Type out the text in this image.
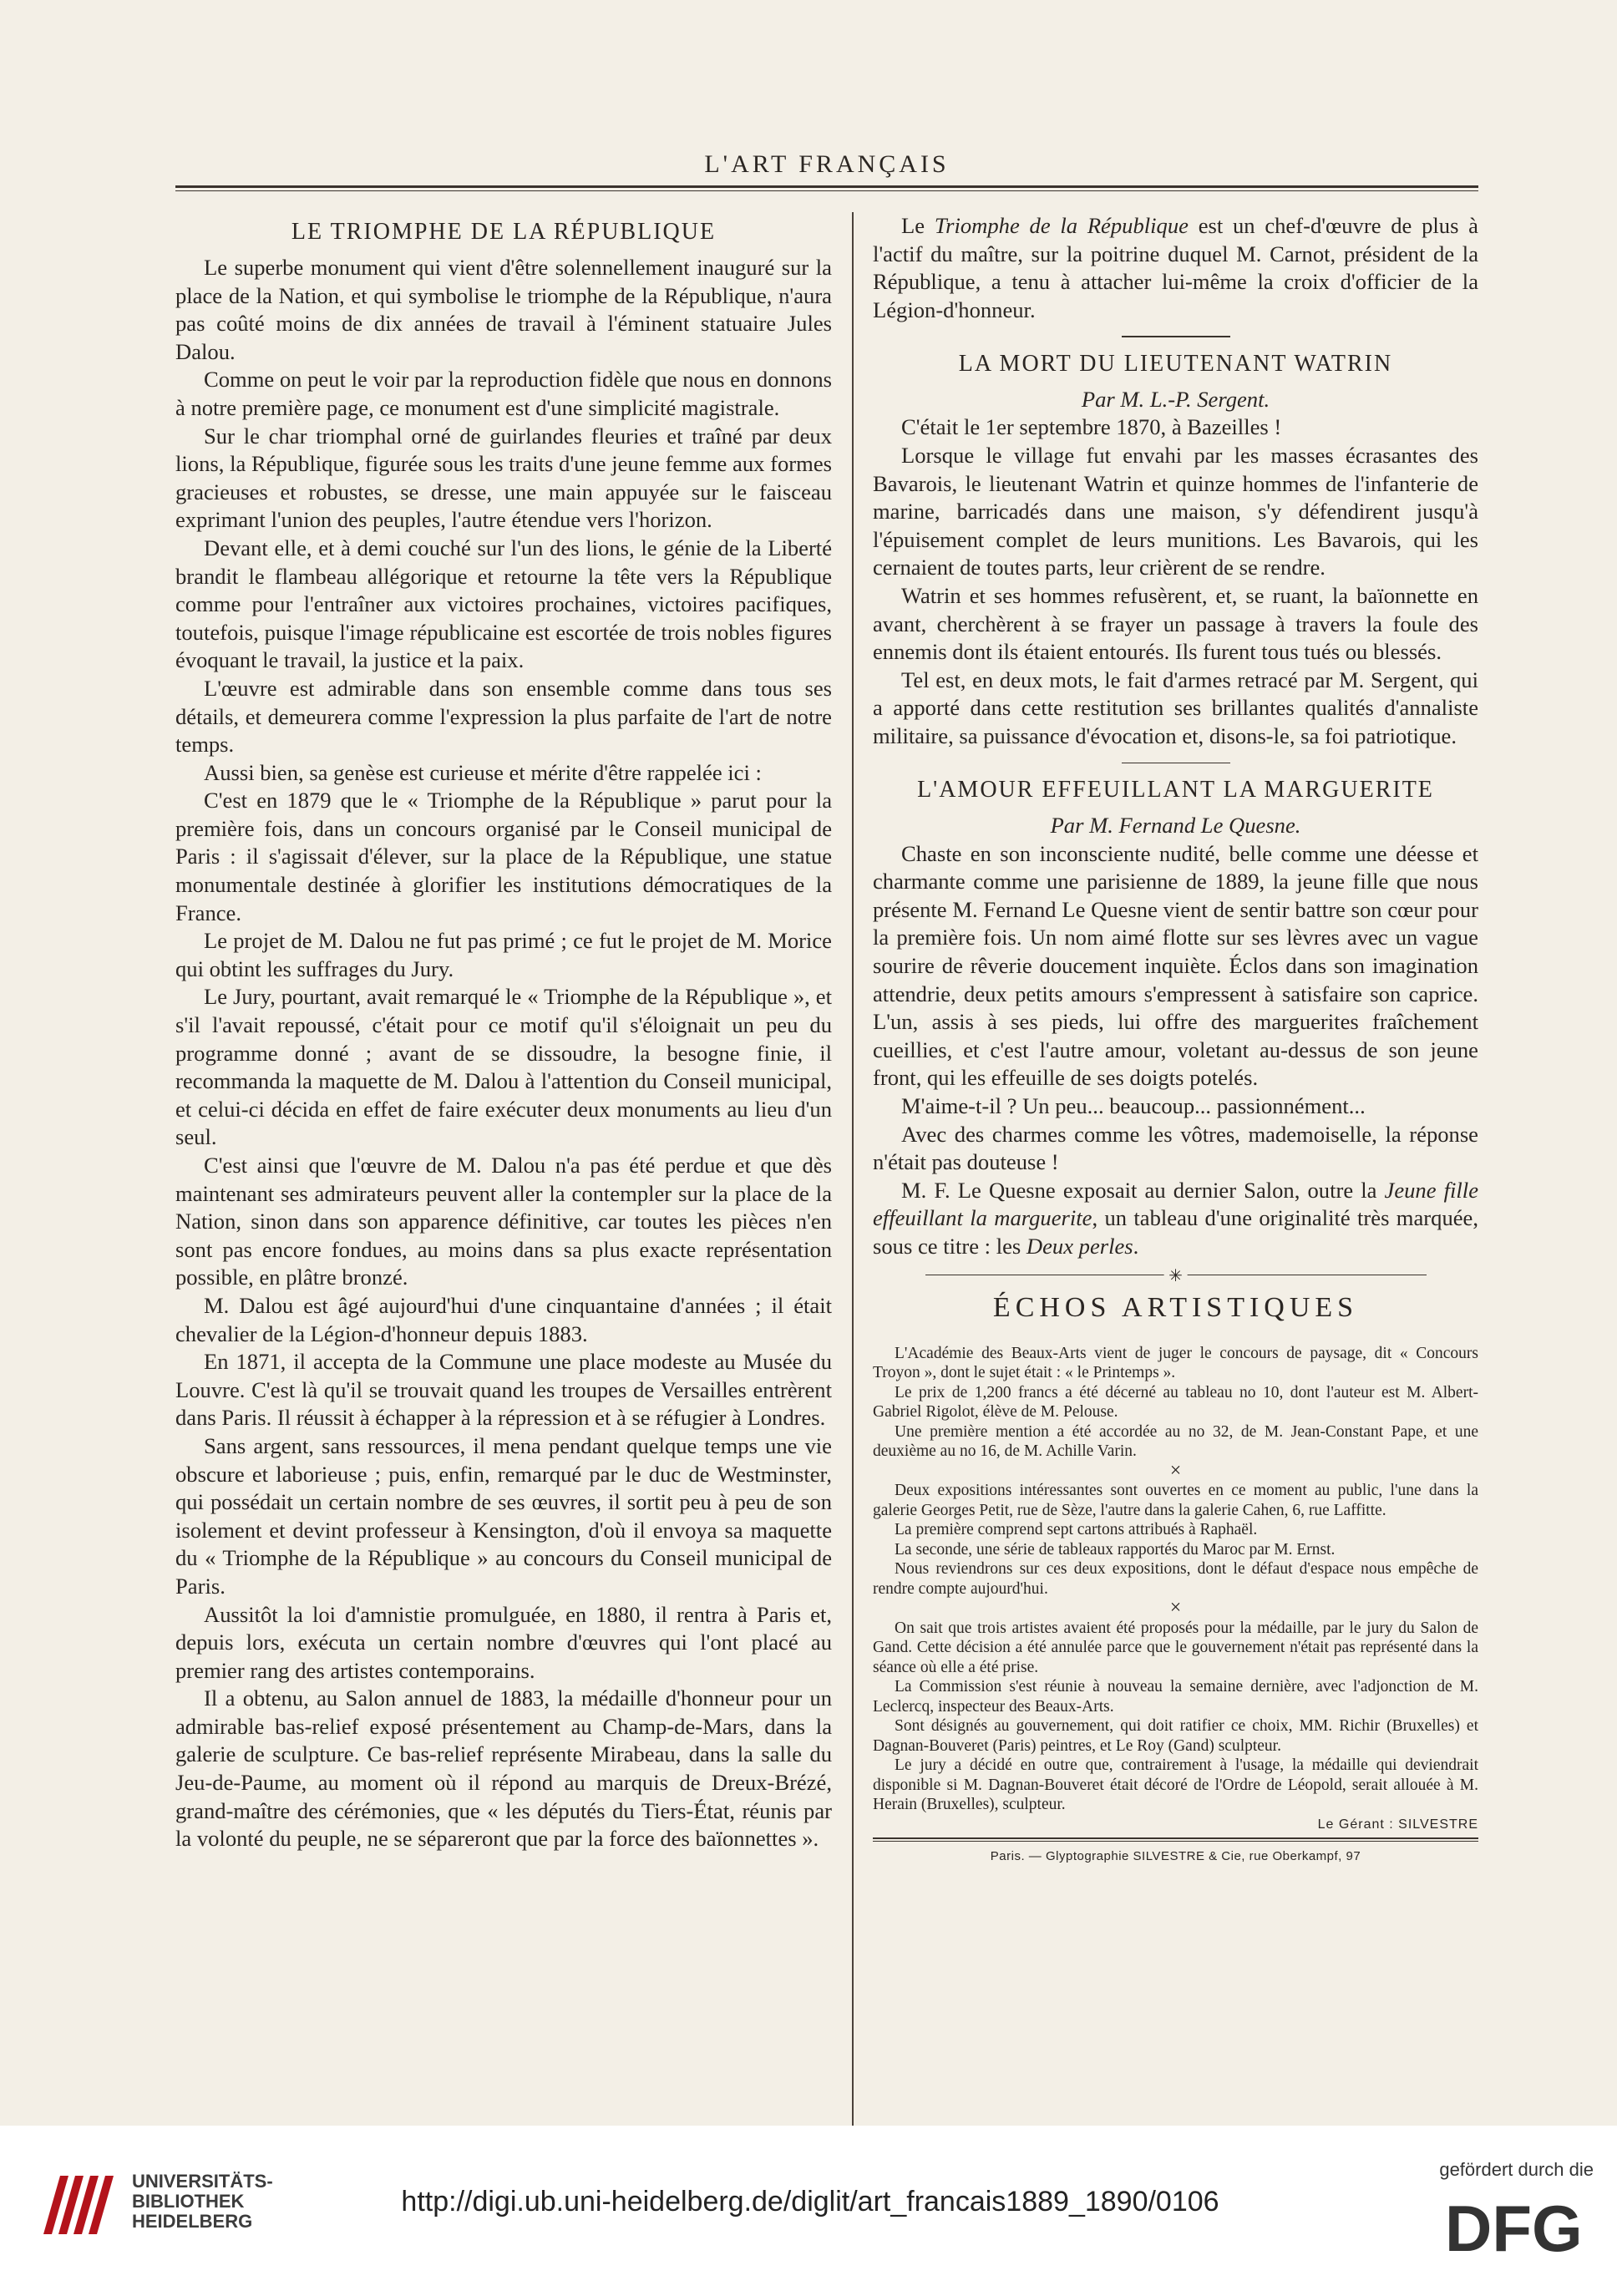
L'ART FRANÇAIS
LE TRIOMPHE DE LA RÉPUBLIQUE

Le superbe monument qui vient d'être solennellement inauguré sur la place de la Nation, et qui symbolise le triomphe de la République, n'aura pas coûté moins de dix années de travail à l'éminent statuaire Jules Dalou.

Comme on peut le voir par la reproduction fidèle que nous en donnons à notre première page, ce monument est d'une simplicité magistrale.

Sur le char triomphal orné de guirlandes fleuries et traîné par deux lions, la République, figurée sous les traits d'une jeune femme aux formes gracieuses et robustes, se dresse, une main appuyée sur le faisceau exprimant l'union des peuples, l'autre étendue vers l'horizon.

Devant elle, et à demi couché sur l'un des lions, le génie de la Liberté brandit le flambeau allégorique et retourne la tête vers la République comme pour l'entraîner aux victoires prochaines, victoires pacifiques, toutefois, puisque l'image républicaine est escortée de trois nobles figures évoquant le travail, la justice et la paix.

L'œuvre est admirable dans son ensemble comme dans tous ses détails, et demeurera comme l'expression la plus parfaite de l'art de notre temps.

Aussi bien, sa genèse est curieuse et mérite d'être rappelée ici :

C'est en 1879 que le « Triomphe de la République » parut pour la première fois, dans un concours organisé par le Conseil municipal de Paris : il s'agissait d'élever, sur la place de la République, une statue monumentale destinée à glorifier les institutions démocratiques de la France.

Le projet de M. Dalou ne fut pas primé ; ce fut le projet de M. Morice qui obtint les suffrages du Jury.

Le Jury, pourtant, avait remarqué le « Triomphe de la République », et s'il l'avait repoussé, c'était pour ce motif qu'il s'éloignait un peu du programme donné ; avant de se dissoudre, la besogne finie, il recommanda la maquette de M. Dalou à l'attention du Conseil municipal, et celui-ci décida en effet de faire exécuter deux monuments au lieu d'un seul.

C'est ainsi que l'œuvre de M. Dalou n'a pas été perdue et que dès maintenant ses admirateurs peuvent aller la contempler sur la place de la Nation, sinon dans son apparence définitive, car toutes les pièces n'en sont pas encore fondues, au moins dans sa plus exacte représentation possible, en plâtre bronzé.

M. Dalou est âgé aujourd'hui d'une cinquantaine d'années ; il était chevalier de la Légion-d'honneur depuis 1883.

En 1871, il accepta de la Commune une place modeste au Musée du Louvre. C'est là qu'il se trouvait quand les troupes de Versailles entrèrent dans Paris. Il réussit à échapper à la répression et à se réfugier à Londres.

Sans argent, sans ressources, il mena pendant quelque temps une vie obscure et laborieuse ; puis, enfin, remarqué par le duc de Westminster, qui possédait un certain nombre de ses œuvres, il sortit peu à peu de son isolement et devint professeur à Kensington, d'où il envoya sa maquette du « Triomphe de la République » au concours du Conseil municipal de Paris.

Aussitôt la loi d'amnistie promulguée, en 1880, il rentra à Paris et, depuis lors, exécuta un certain nombre d'œuvres qui l'ont placé au premier rang des artistes contemporains.

Il a obtenu, au Salon annuel de 1883, la médaille d'honneur pour un admirable bas-relief exposé présentement au Champ-de-Mars, dans la galerie de sculpture. Ce bas-relief représente Mirabeau, dans la salle du Jeu-de-Paume, au moment où il répond au marquis de Dreux-Brézé, grand-maître des cérémonies, que « les députés du Tiers-État, réunis par la volonté du peuple, ne se sépareront que par la force des baïonnettes ».

Le Triomphe de la République est un chef-d'œuvre de plus à l'actif du maître, sur la poitrine duquel M. Carnot, président de la République, a tenu à attacher lui-même la croix d'officier de la Légion-d'honneur.

LA MORT DU LIEUTENANT WATRIN

Par M. L.-P. Sergent.

C'était le 1er septembre 1870, à Bazeilles !

Lorsque le village fut envahi par les masses écrasantes des Bavarois, le lieutenant Watrin et quinze hommes de l'infanterie de marine, barricadés dans une maison, s'y défendirent jusqu'à l'épuisement complet de leurs munitions. Les Bavarois, qui les cernaient de toutes parts, leur crièrent de se rendre.

Watrin et ses hommes refusèrent, et, se ruant, la baïonnette en avant, cherchèrent à se frayer un passage à travers la foule des ennemis dont ils étaient entourés. Ils furent tous tués ou blessés.

Tel est, en deux mots, le fait d'armes retracé par M. Sergent, qui a apporté dans cette restitution ses brillantes qualités d'annaliste militaire, sa puissance d'évocation et, disons-le, sa foi patriotique.

L'AMOUR EFFEUILLANT LA MARGUERITE

Par M. Fernand Le Quesne.

Chaste en son inconsciente nudité, belle comme une déesse et charmante comme une parisienne de 1889, la jeune fille que nous présente M. Fernand Le Quesne vient de sentir battre son cœur pour la première fois. Un nom aimé flotte sur ses lèvres avec un vague sourire de rêverie doucement inquiète. Éclos dans son imagination attendrie, deux petits amours s'empressent à satisfaire son caprice. L'un, assis à ses pieds, lui offre des marguerites fraîchement cueillies, et c'est l'autre amour, voletant au-dessus de son jeune front, qui les effeuille de ses doigts potelés.

M'aime-t-il ? Un peu... beaucoup... passionnément...

Avec des charmes comme les vôtres, mademoiselle, la réponse n'était pas douteuse !

M. F. Le Quesne exposait au dernier Salon, outre la Jeune fille effeuillant la marguerite, un tableau d'une originalité très marquée, sous ce titre : les Deux perles.

✳
ÉCHOS ARTISTIQUES

L'Académie des Beaux-Arts vient de juger le concours de paysage, dit « Concours Troyon », dont le sujet était : « le Printemps ».

Le prix de 1,200 francs a été décerné au tableau no 10, dont l'auteur est M. Albert-Gabriel Rigolot, élève de M. Pelouse.

Une première mention a été accordée au no 32, de M. Jean-Constant Pape, et une deuxième au no 16, de M. Achille Varin.

×

Deux expositions intéressantes sont ouvertes en ce moment au public, l'une dans la galerie Georges Petit, rue de Sèze, l'autre dans la galerie Cahen, 6, rue Laffitte.

La première comprend sept cartons attribués à Raphaël.

La seconde, une série de tableaux rapportés du Maroc par M. Ernst.

Nous reviendrons sur ces deux expositions, dont le défaut d'espace nous empêche de rendre compte aujourd'hui.

×

On sait que trois artistes avaient été proposés pour la médaille, par le jury du Salon de Gand. Cette décision a été annulée parce que le gouvernement n'était pas représenté dans la séance où elle a été prise.

La Commission s'est réunie à nouveau la semaine dernière, avec l'adjonction de M. Leclercq, inspecteur des Beaux-Arts.

Sont désignés au gouvernement, qui doit ratifier ce choix, MM. Richir (Bruxelles) et Dagnan-Bouveret (Paris) peintres, et Le Roy (Gand) sculpteur.

Le jury a décidé en outre que, contrairement à l'usage, la médaille qui deviendrait disponible si M. Dagnan-Bouveret était décoré de l'Ordre de Léopold, serait allouée à M. Herain (Bruxelles), sculpteur.

Le Gérant : SILVESTRE

Paris. — Glyptographie SILVESTRE & Cie, rue Oberkampf, 97

UNIVERSITÄTS-
BIBLIOTHEK
HEIDELBERG
http://digi.ub.uni-heidelberg.de/diglit/art_francais1889_1890/0106
gefördert durch die
DFG
